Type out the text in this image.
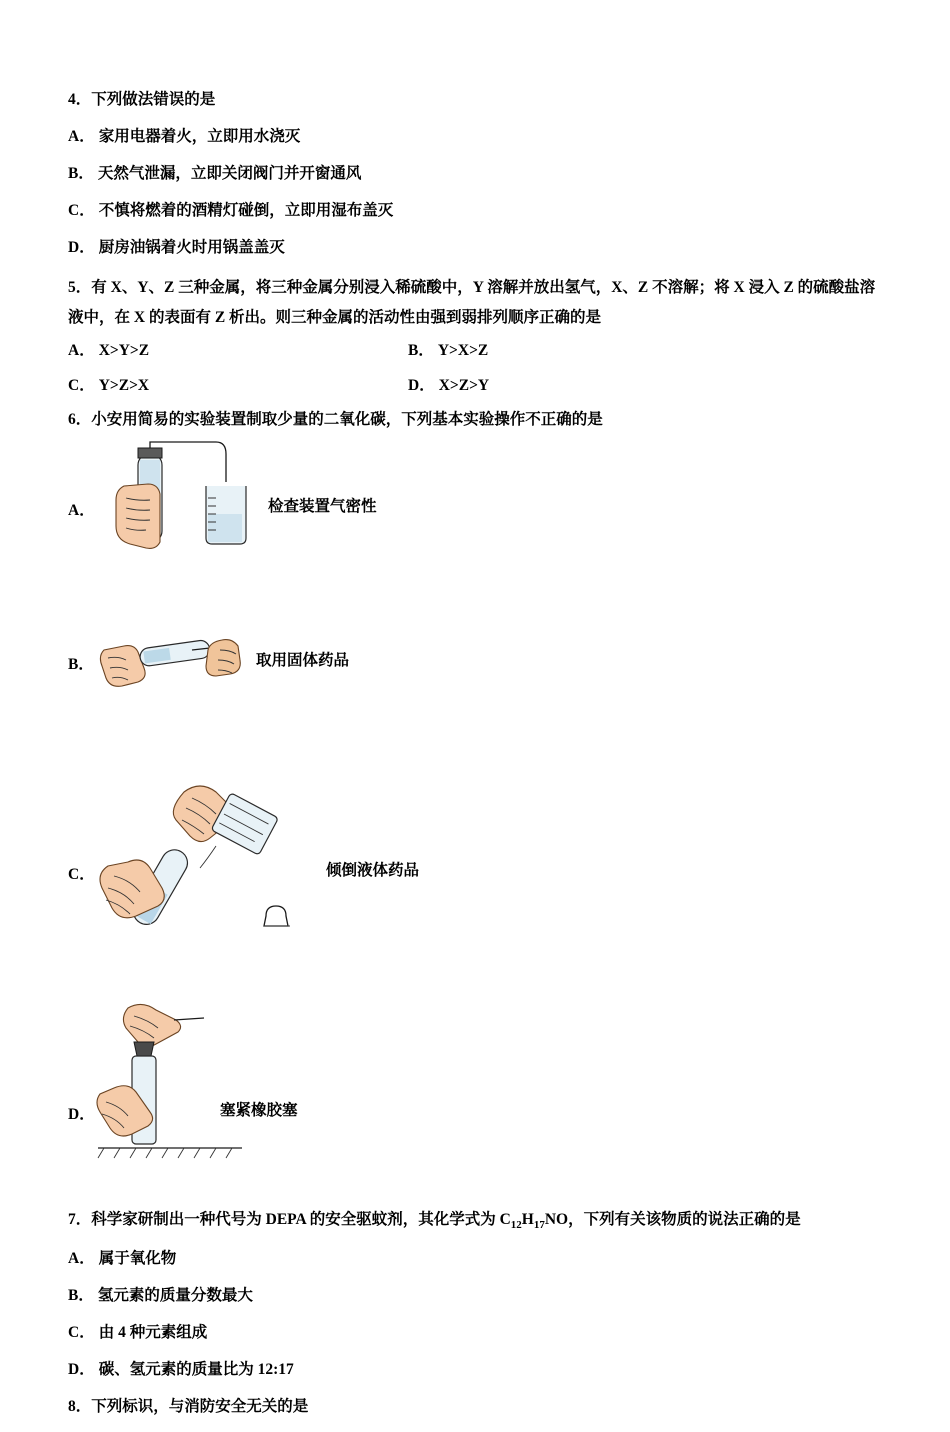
4．下列做法错误的是

A． 家用电器着火，立即用水浇灭

B． 天然气泄漏，立即关闭阀门并开窗通风

C． 不慎将燃着的酒精灯碰倒，立即用湿布盖灭

D． 厨房油锅着火时用锅盖盖灭

5．有 X、Y、Z 三种金属，将三种金属分别浸入稀硫酸中，Y 溶解并放出氢气，X、Z 不溶解；将 X 浸入 Z 的硫酸盐溶

液中，在 X 的表面有 Z 析出。则三种金属的活动性由强到弱排列顺序正确的是

A． X>Y>Z	B． Y>X>Z
C． Y>Z>X	D． X>Z>Y

6．小安用简易的实验装置制取少量的二氧化碳，下列基本实验操作不正确的是

A．	检查装置气密性
B．	取用固体药品
C．	倾倒液体药品
D．	塞紧橡胶塞

7．科学家研制出一种代号为 DEPA 的安全驱蚊剂，其化学式为 $C_{12}H_{17}NO$，下列有关该物质的说法正确的是

A． 属于氧化物

B． 氢元素的质量分数最大

C． 由 4 种元素组成

D． 碳、氢元素的质量比为 12:17

8．下列标识，与消防安全无关的是
